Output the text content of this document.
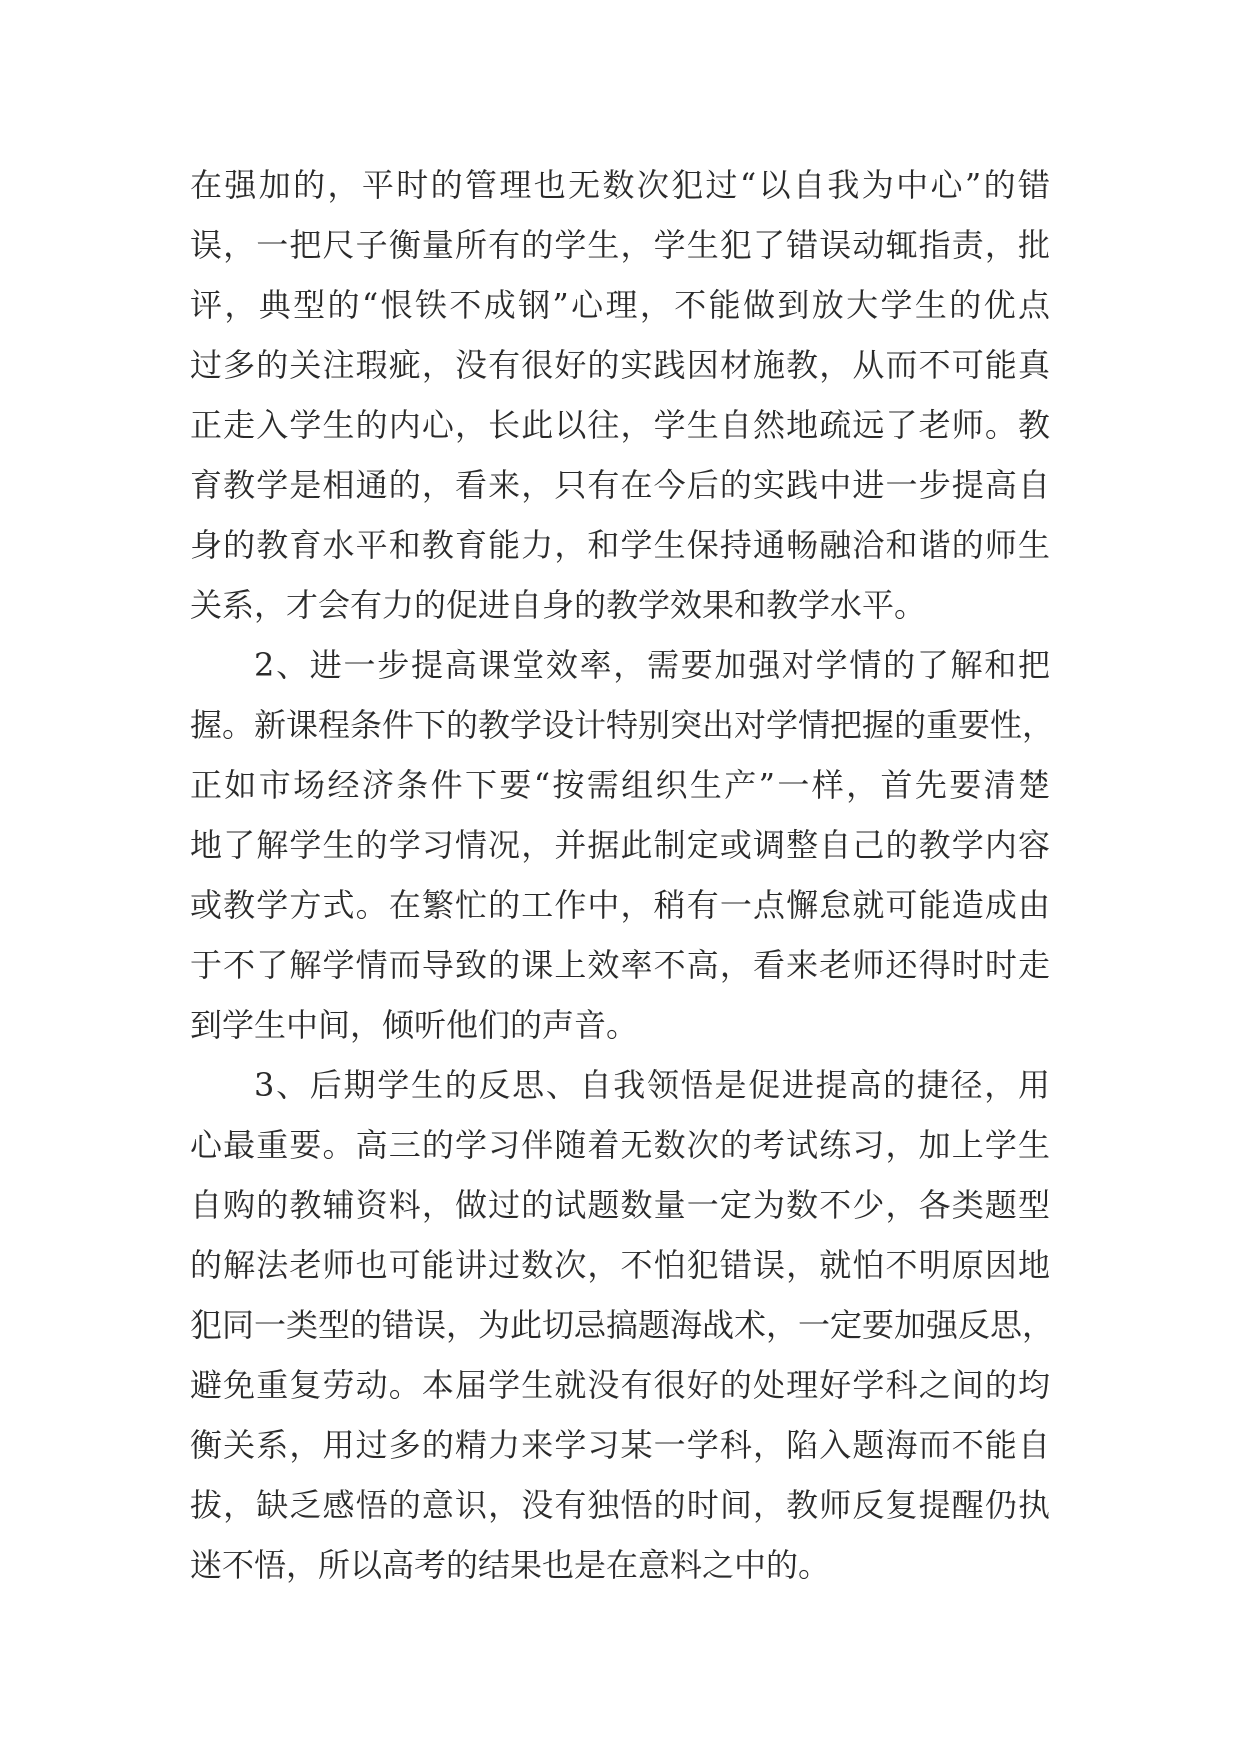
在强加的，平时的管理也无数次犯过“以自我为中心”的错
误，一把尺子衡量所有的学生，学生犯了错误动辄指责，批
评，典型的“恨铁不成钢”心理，不能做到放大学生的优点
过多的关注瑕疵，没有很好的实践因材施教，从而不可能真
正走入学生的内心，长此以往，学生自然地疏远了老师。教
育教学是相通的，看来，只有在今后的实践中进一步提高自
身的教育水平和教育能力，和学生保持通畅融洽和谐的师生
关系，才会有力的促进自身的教学效果和教学水平。
2、进一步提高课堂效率，需要加强对学情的了解和把
握。新课程条件下的教学设计特别突出对学情把握的重要性，
正如市场经济条件下要“按需组织生产”一样，首先要清楚
地了解学生的学习情况，并据此制定或调整自己的教学内容
或教学方式。在繁忙的工作中，稍有一点懈怠就可能造成由
于不了解学情而导致的课上效率不高，看来老师还得时时走
到学生中间，倾听他们的声音。
3、后期学生的反思、自我领悟是促进提高的捷径，用
心最重要。高三的学习伴随着无数次的考试练习，加上学生
自购的教辅资料，做过的试题数量一定为数不少，各类题型
的解法老师也可能讲过数次，不怕犯错误，就怕不明原因地
犯同一类型的错误，为此切忌搞题海战术，一定要加强反思，
避免重复劳动。本届学生就没有很好的处理好学科之间的均
衡关系，用过多的精力来学习某一学科，陷入题海而不能自
拔，缺乏感悟的意识，没有独悟的时间，教师反复提醒仍执
迷不悟，所以高考的结果也是在意料之中的。
